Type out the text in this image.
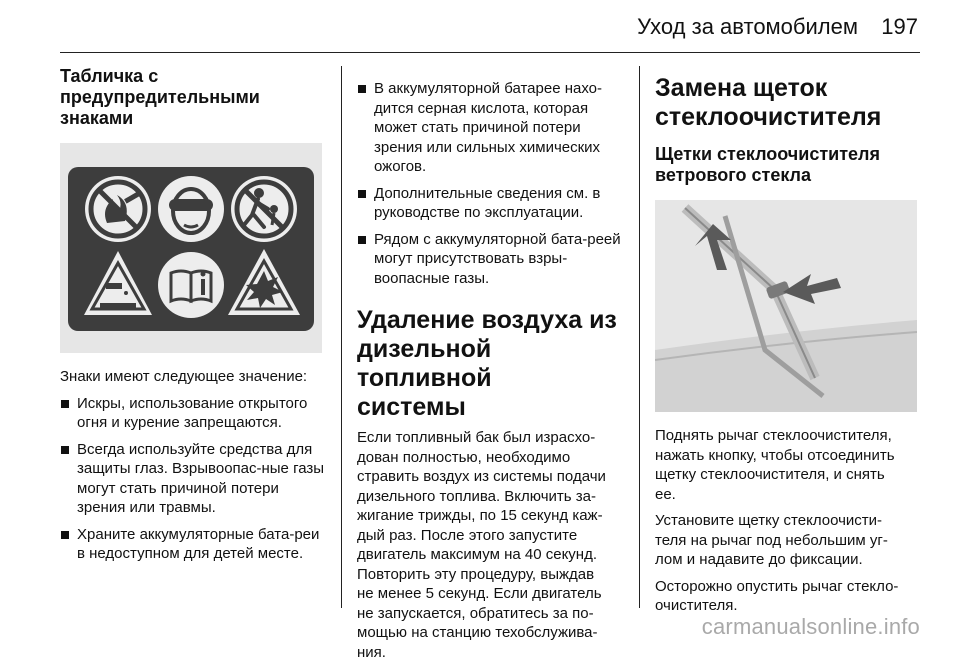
Уход за автомобилем 197
Табличка с
предупредительными
знаками

Знаки имеют следующее значение:

Искры, использование открытого огня и курение запрещаются.
Всегда используйте средства для защиты глаз. Взрывоопас-ные газы могут стать причиной потери зрения или травмы.
Храните аккумуляторные бата-реи в недоступном для детей месте.
В аккумуляторной батарее нахо-дится серная кислота, которая может стать причиной потери зрения или сильных химических ожогов.
Дополнительные сведения см. в руководстве по эксплуатации.
Рядом с аккумуляторной бата-реей могут присутствовать взры-воопасные газы.
Удаление воздуха из
дизельной топливной
системы

Если топливный бак был израсхо-
дован полностью, необходимо
стравить воздух из системы подачи
дизельного топлива. Включить за-
жигание трижды, по 15 секунд каж-
дый раз. После этого запустите
двигатель максимум на 40 секунд.
Повторить эту процедуру, выждав
не менее 5 секунд. Если двигатель
не запускается, обратитесь за по-
мощью на станцию техобслужива-
ния.

Замена щеток
стеклоочистителя
Щетки стеклоочистителя
ветрового стекла

Поднять рычаг стеклоочистителя,
нажать кнопку, чтобы отсоединить
щетку стеклоочистителя, и снять
ее.

Установите щетку стеклоочисти-
теля на рычаг под небольшим уг-
лом и надавите до фиксации.

Осторожно опустить рычаг стекло-
очистителя.

carmanualsonline.info
